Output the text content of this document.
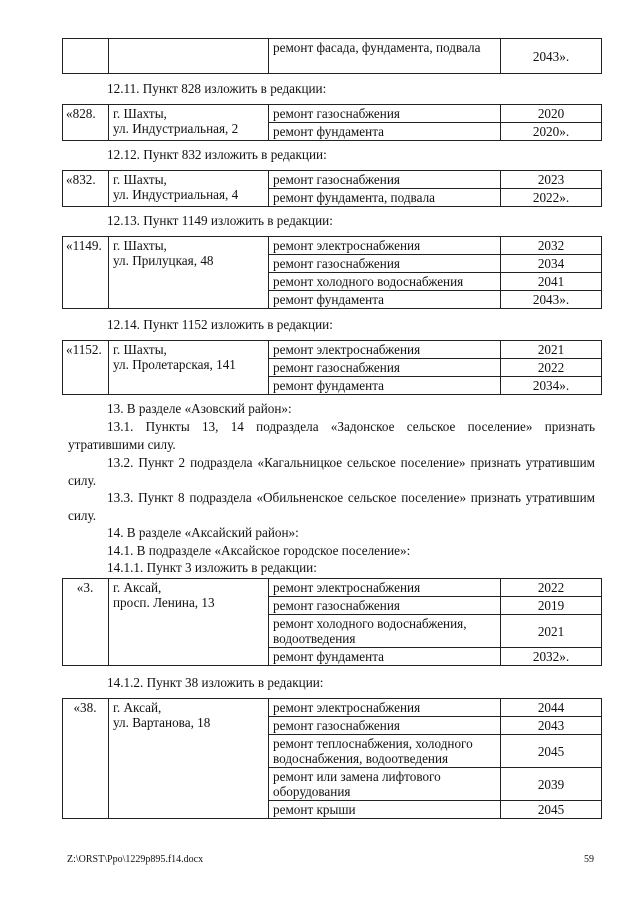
		ремонт фасада, фундамента, подвала	2043».
12.11. Пункт 828 изложить в редакции:
«828.	г. Шахты,
ул. Индустриальная, 2	ремонт газоснабжения	2020
		ремонт фундамента	2020».
12.12. Пункт 832 изложить в редакции:
«832.	г. Шахты,
ул. Индустриальная, 4	ремонт газоснабжения	2023
		ремонт фундамента, подвала	2022».
12.13. Пункт 1149 изложить в редакции:
«1149.	г. Шахты,
ул. Прилуцкая, 48	ремонт электроснабжения	2032
		ремонт газоснабжения	2034
		ремонт холодного водоснабжения	2041
		ремонт фундамента	2043».
12.14. Пункт 1152 изложить в редакции:
«1152.	г. Шахты,
ул. Пролетарская, 141	ремонт электроснабжения	2021
		ремонт газоснабжения	2022
		ремонт фундамента	2034».
13. В разделе «Азовский район»:
13.1. Пункты 13, 14 подраздела «Задонское сельское поселение» признать утратившими силу.
13.2. Пункт 2 подраздела «Кагальницкое сельское поселение» признать утратившим силу.
13.3. Пункт 8 подраздела «Обильненское сельское поселение» признать утратившим силу.
14. В разделе «Аксайский район»:
14.1. В подразделе «Аксайское городское поселение»:
14.1.1. Пункт 3 изложить в редакции:
«3.	г. Аксай,
просп. Ленина, 13	ремонт электроснабжения	2022
		ремонт газоснабжения	2019
		ремонт холодного водоснабжения, водоотведения	2021
		ремонт фундамента	2032».
14.1.2. Пункт 38 изложить в редакции:
«38.	г. Аксай,
ул. Вартанова, 18	ремонт электроснабжения	2044
		ремонт газоснабжения	2043
		ремонт теплоснабжения, холодного водоснабжения, водоотведения	2045
		ремонт или замена лифтового оборудования	2039
		ремонт крыши	2045
Z:\ORST\Ppo\1229p895.f14.docx	59
